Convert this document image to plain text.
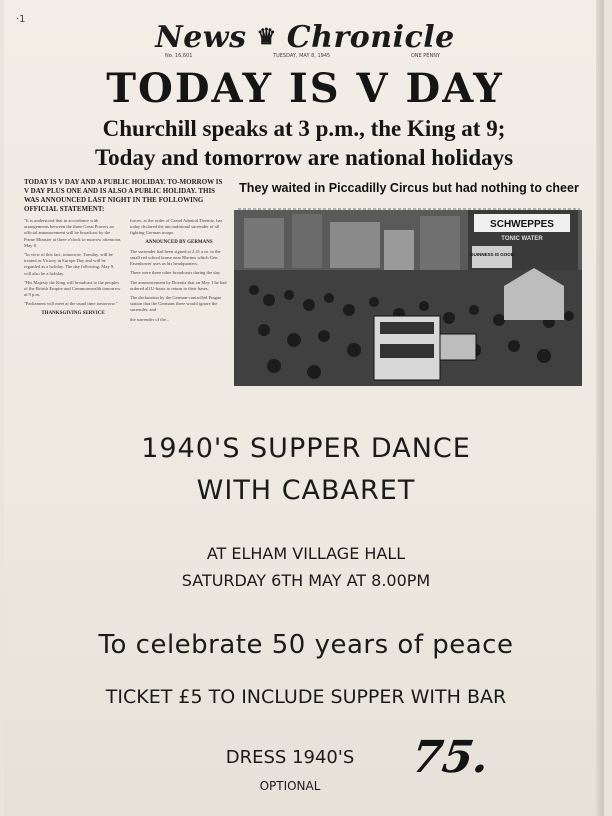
·1	News ♛ Chronicle
No. 16,601	TUESDAY, MAY 8, 1945	ONE PENNY
TODAY IS V DAY
Churchill speaks at 3 p.m., the King at 9;
Today and tomorrow are national holidays
TODAY IS V DAY AND A PUBLIC HOLIDAY. TO-MORROW IS V DAY PLUS ONE AND IS ALSO A PUBLIC HOLIDAY. THIS WAS ANNOUNCED LAST NIGHT IN THE FOLLOWING OFFICIAL STATEMENT:

"It is understood that in accordance with arrangements between the three Great Powers an official announcement will be broadcast by the Prime Minister at three o'clock to-morrow afternoon, May 8.

"In view of this fact, tomorrow, Tuesday, will be treated as Victory in Europe Day and will be regarded as a holiday. The day following, May 9, will also be a holiday.

"His Majesty the King will broadcast to the peoples of the British Empire and Commonwealth tomorrow at 9 p.m.

"Parliament will meet at the usual time tomorrow."

THANKSGIVING SERVICE

forces, at the order of Grand Admiral Doenitz, has today declared the unconditional surrender of all fighting German troops.

ANNOUNCED BY GERMANS

The surrender had been signed at 2.41 a.m. in the small red school house near Rheims which Gen. Eisenhower uses as his headquarters.

There were three other broadcasts during the day.

The announcement by Doenitz that on May 1 he had ordered all U-boats to return to their bases.

The declaration by the German-controlled Prague station that the Germans there would ignore the surrender, and

the surrender of the...

They waited in Piccadilly Circus but had nothing to cheer
SCHWEPPES
TONIC WATER
GUINNESS IS GOOD
1940'S SUPPER DANCE
WITH CABARET
AT ELHAM VILLAGE HALL
SATURDAY 6TH MAY AT 8.00PM
To celebrate 50 years of peace
TICKET £5 TO INCLUDE SUPPER WITH BAR
DRESS 1940'S
OPTIONAL
75.
